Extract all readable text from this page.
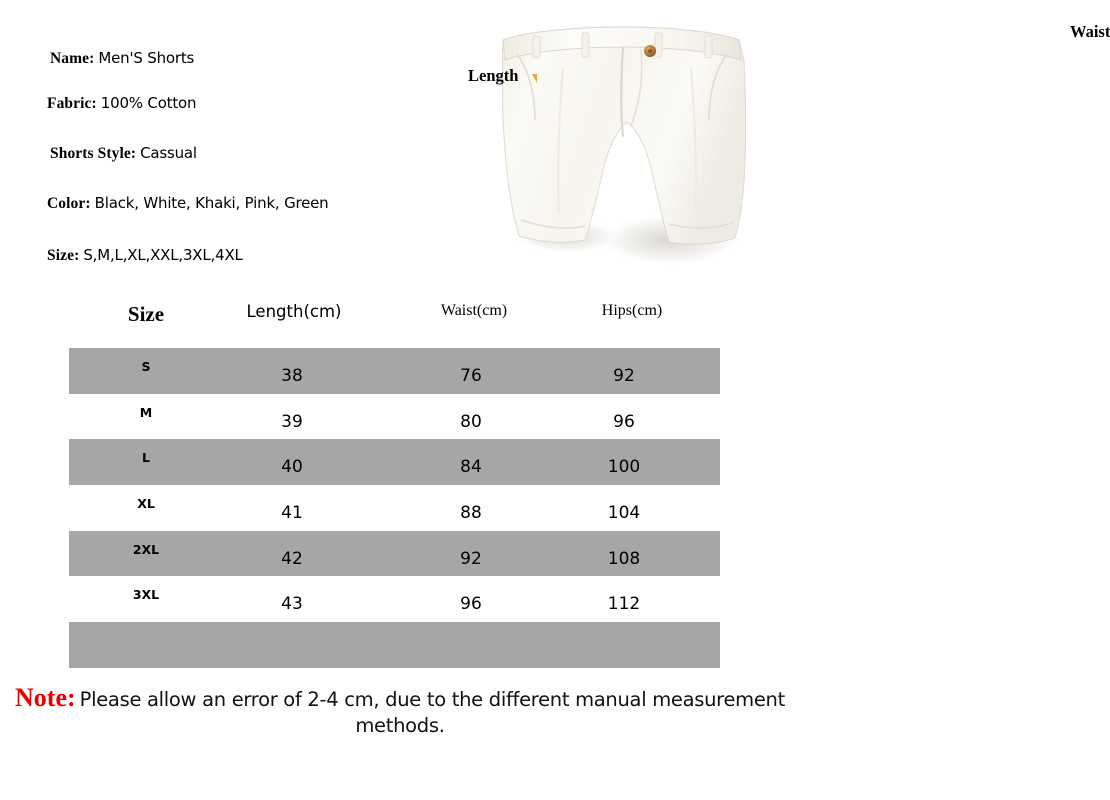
Name: Men'S Shorts
Fabric: 100% Cotton
Shorts Style: Cassual
Color: Black, White, Khaki, Pink, Green
Size: S,M,L,XL,XXL,3XL,4XL
Waist
Length
Size	Length(cm)	Waist(cm)	Hips(cm)
S	38	76	92
M	39	80	96
L	40	84	100
XL	41	88	104
2XL	42	92	108
3XL	43	96	112
Note: Please allow an error of 2-4 cm, due to the different manual measurement methods.
